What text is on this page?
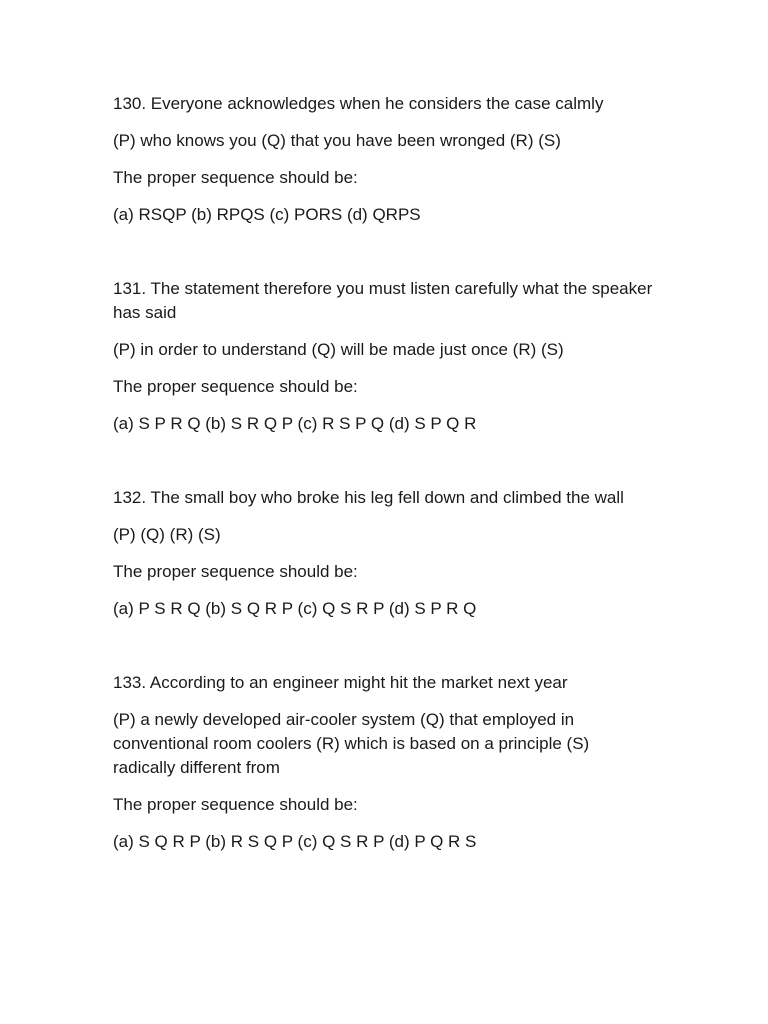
130. Everyone acknowledges when he considers the case calmly
(P) who knows you (Q) that you have been wronged (R) (S)
The proper sequence should be:
(a) RSQP (b) RPQS (c) PORS (d) QRPS
131. The statement therefore you must listen carefully what the speaker has said
(P) in order to understand (Q) will be made just once (R) (S)
The proper sequence should be:
(a) S P R Q (b) S R Q P (c) R S P Q (d) S P Q R
132. The small boy who broke his leg fell down and climbed the wall
(P) (Q) (R) (S)
The proper sequence should be:
(a) P S R Q (b) S Q R P (c) Q S R P (d) S P R Q
133. According to an engineer might hit the market next year
(P) a newly developed air-cooler system (Q) that employed in conventional room coolers (R) which is based on a principle (S) radically different from
The proper sequence should be:
(a) S Q R P (b) R S Q P (c) Q S R P (d) P Q R S
